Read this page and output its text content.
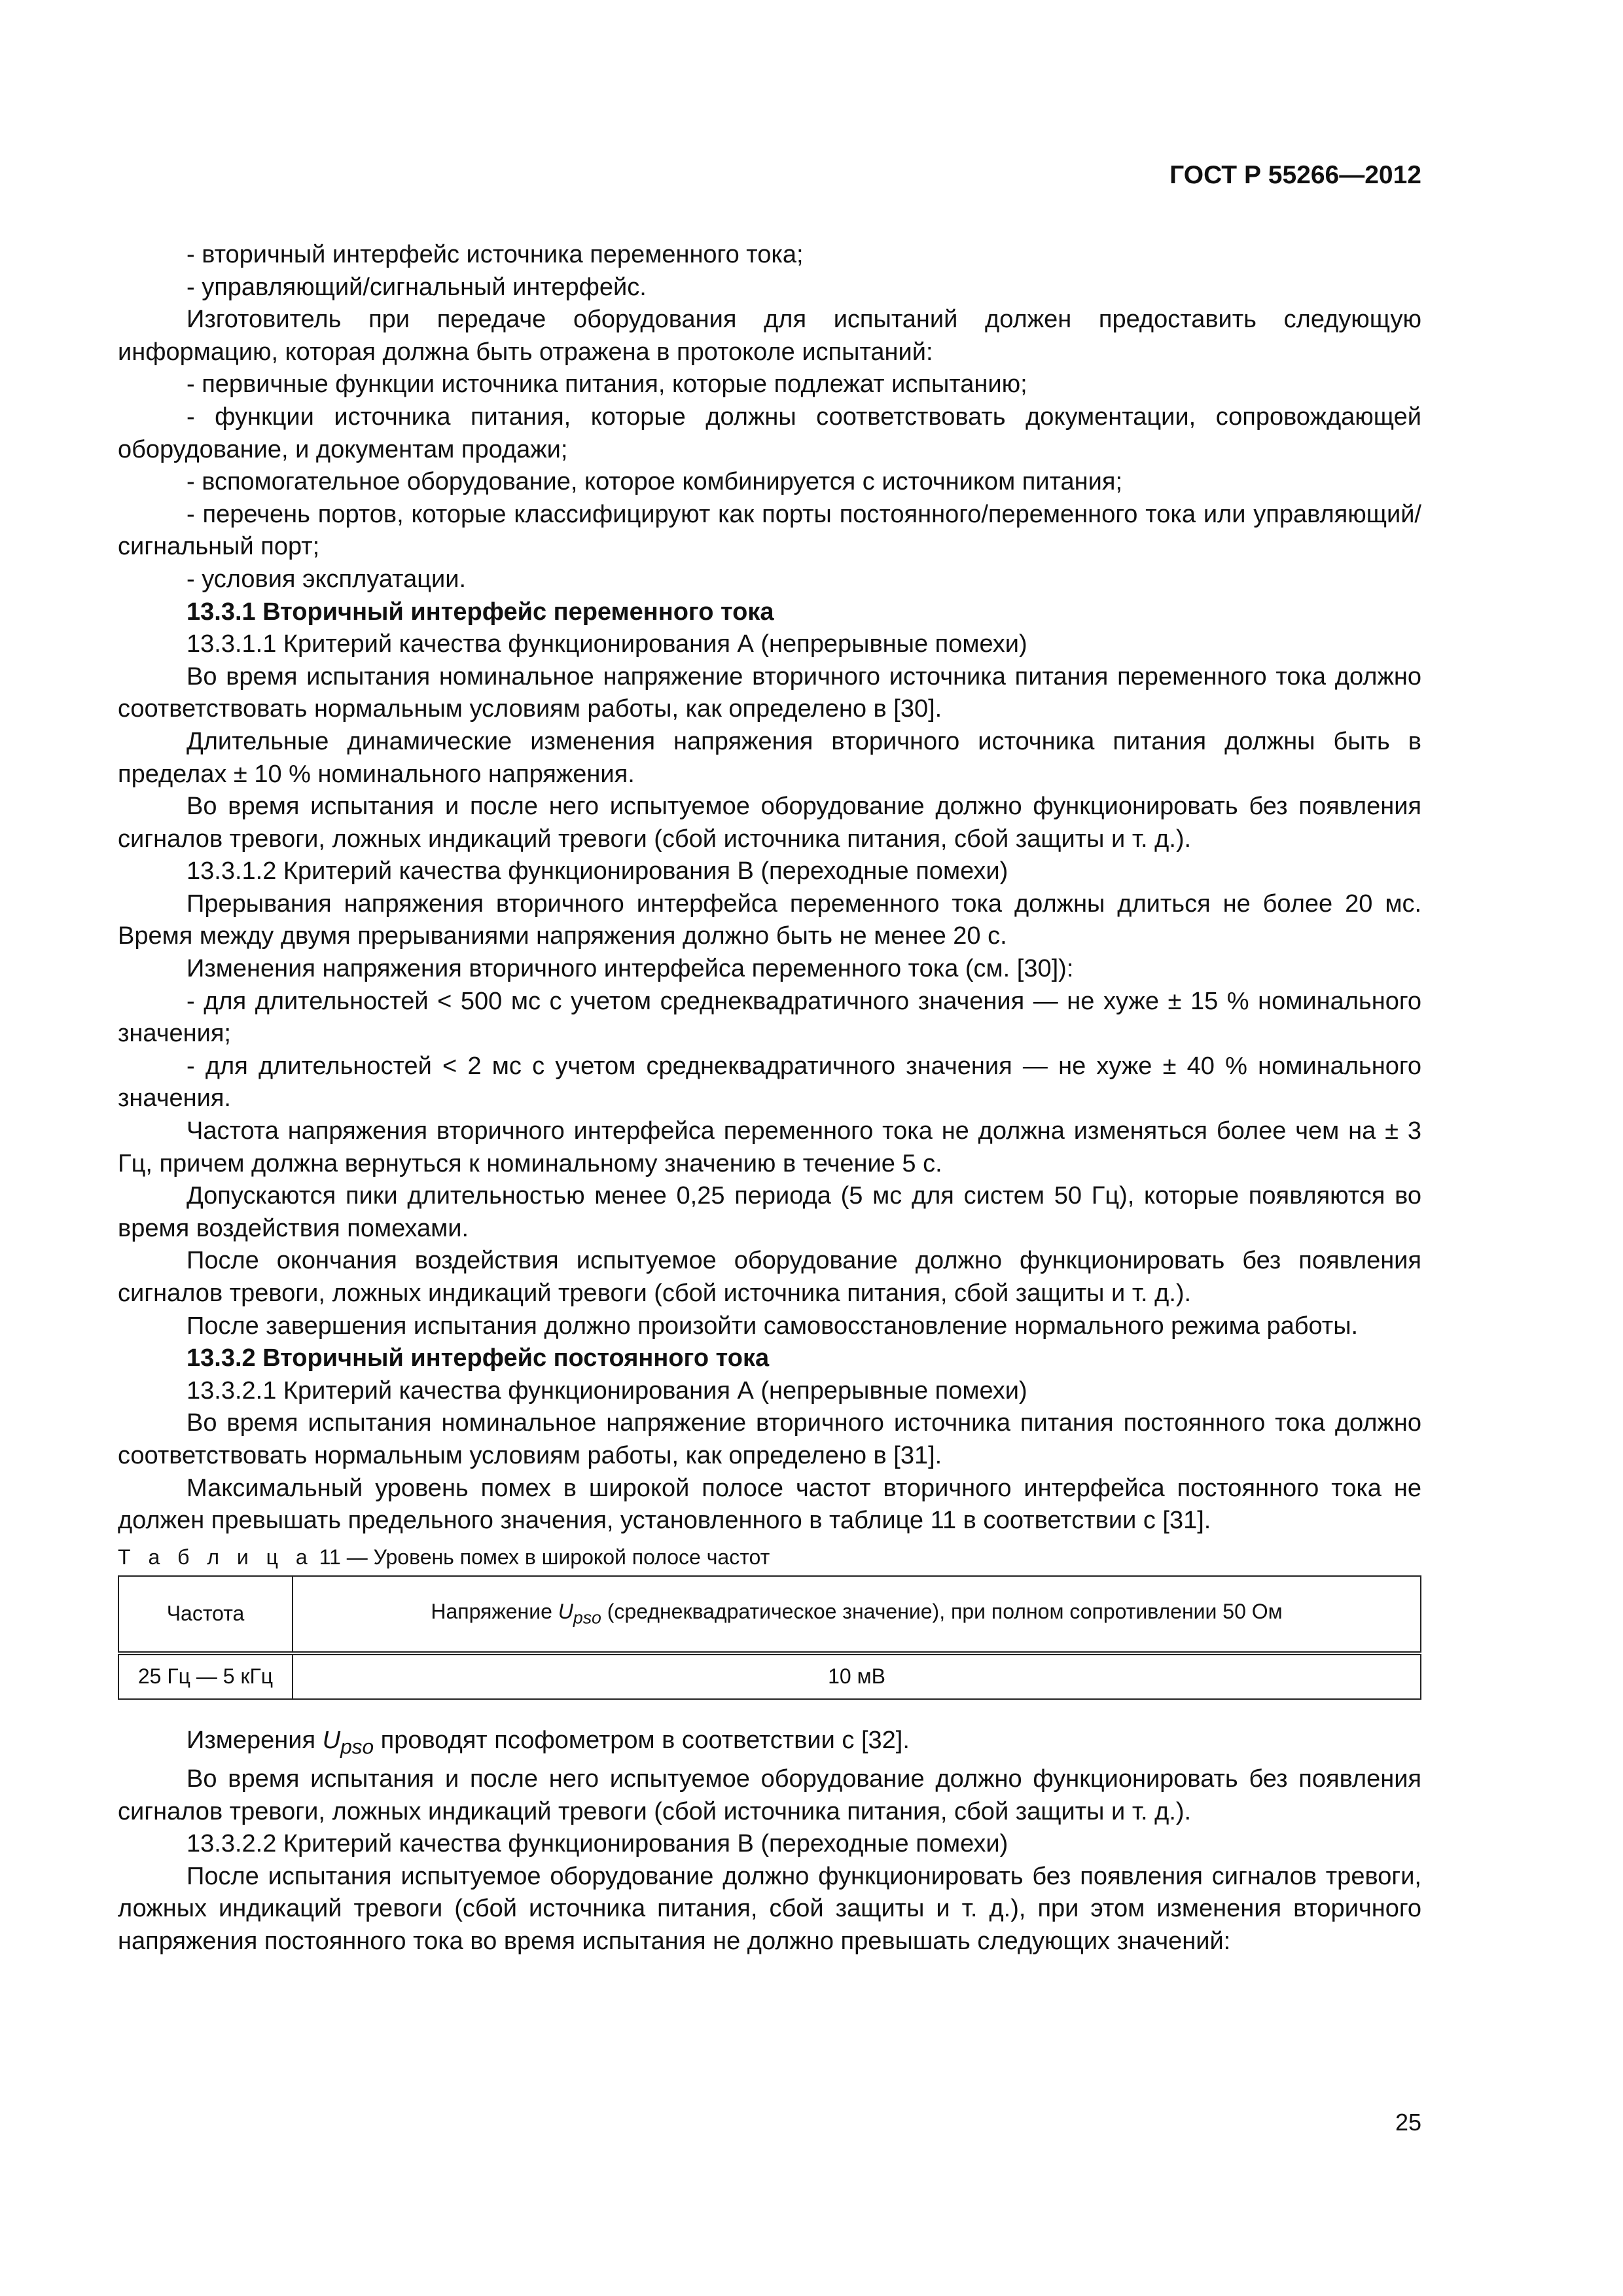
ГОСТ Р 55266—2012

- вторичный интерфейс источника переменного тока;

- управляющий/сигнальный интерфейс.

Изготовитель при передаче оборудования для испытаний должен предоставить следующую информацию, которая должна быть отражена в протоколе испытаний:

- первичные функции источника питания, которые подлежат испытанию;

- функции источника питания, которые должны соответствовать документации, сопровождающей оборудование, и документам продажи;

- вспомогательное оборудование, которое комбинируется с источником питания;

- перечень портов, которые классифицируют как порты постоянного/переменного тока или управляющий/сигнальный порт;

- условия эксплуатации.

13.3.1 Вторичный интерфейс переменного тока

13.3.1.1 Критерий качества функционирования А (непрерывные помехи)

Во время испытания номинальное напряжение вторичного источника питания переменного тока должно соответствовать нормальным условиям работы, как определено в [30].

Длительные динамические изменения напряжения вторичного источника питания должны быть в пределах ± 10 % номинального напряжения.

Во время испытания и после него испытуемое оборудование должно функционировать без появления сигналов тревоги, ложных индикаций тревоги (сбой источника питания, сбой защиты и т. д.).

13.3.1.2 Критерий качества функционирования В (переходные помехи)

Прерывания напряжения вторичного интерфейса переменного тока должны длиться не более 20 мс. Время между двумя прерываниями напряжения должно быть не менее 20 с.

Изменения напряжения вторичного интерфейса переменного тока (см. [30]):

- для длительностей < 500 мс с учетом среднеквадратичного значения — не хуже ± 15 % номинального значения;

- для длительностей < 2 мс с учетом среднеквадратичного значения — не хуже ± 40 % номинального значения.

Частота напряжения вторичного интерфейса переменного тока не должна изменяться более чем на ± 3 Гц, причем должна вернуться к номинальному значению в течение 5 с.

Допускаются пики длительностью менее 0,25 периода (5 мс для систем 50 Гц), которые появляются во время воздействия помехами.

После окончания воздействия испытуемое оборудование должно функционировать без появления сигналов тревоги, ложных индикаций тревоги (сбой источника питания, сбой защиты и т. д.).

После завершения испытания должно произойти самовосстановление нормального режима работы.

13.3.2 Вторичный интерфейс постоянного тока

13.3.2.1 Критерий качества функционирования А (непрерывные помехи)

Во время испытания номинальное напряжение вторичного источника питания постоянного тока должно соответствовать нормальным условиям работы, как определено в [31].

Максимальный уровень помех в широкой полосе частот вторичного интерфейса постоянного тока не должен превышать предельного значения, установленного в таблице 11 в соответствии с [31].

Т а б л и ц а 11 — Уровень помех в широкой полосе частот
Частота	Напряжение $U_{pso}$ (среднеквадратическое значение), при полном сопротивлении 50 Ом
25 Гц — 5 кГц	10 мВ

Измерения $U_{pso}$ проводят псофометром в соответствии с [32].

Во время испытания и после него испытуемое оборудование должно функционировать без появления сигналов тревоги, ложных индикаций тревоги (сбой источника питания, сбой защиты и т. д.).

13.3.2.2 Критерий качества функционирования В (переходные помехи)

После испытания испытуемое оборудование должно функционировать без появления сигналов тревоги, ложных индикаций тревоги (сбой источника питания, сбой защиты и т. д.), при этом изменения вторичного напряжения постоянного тока во время испытания не должно превышать следующих значений:

25
